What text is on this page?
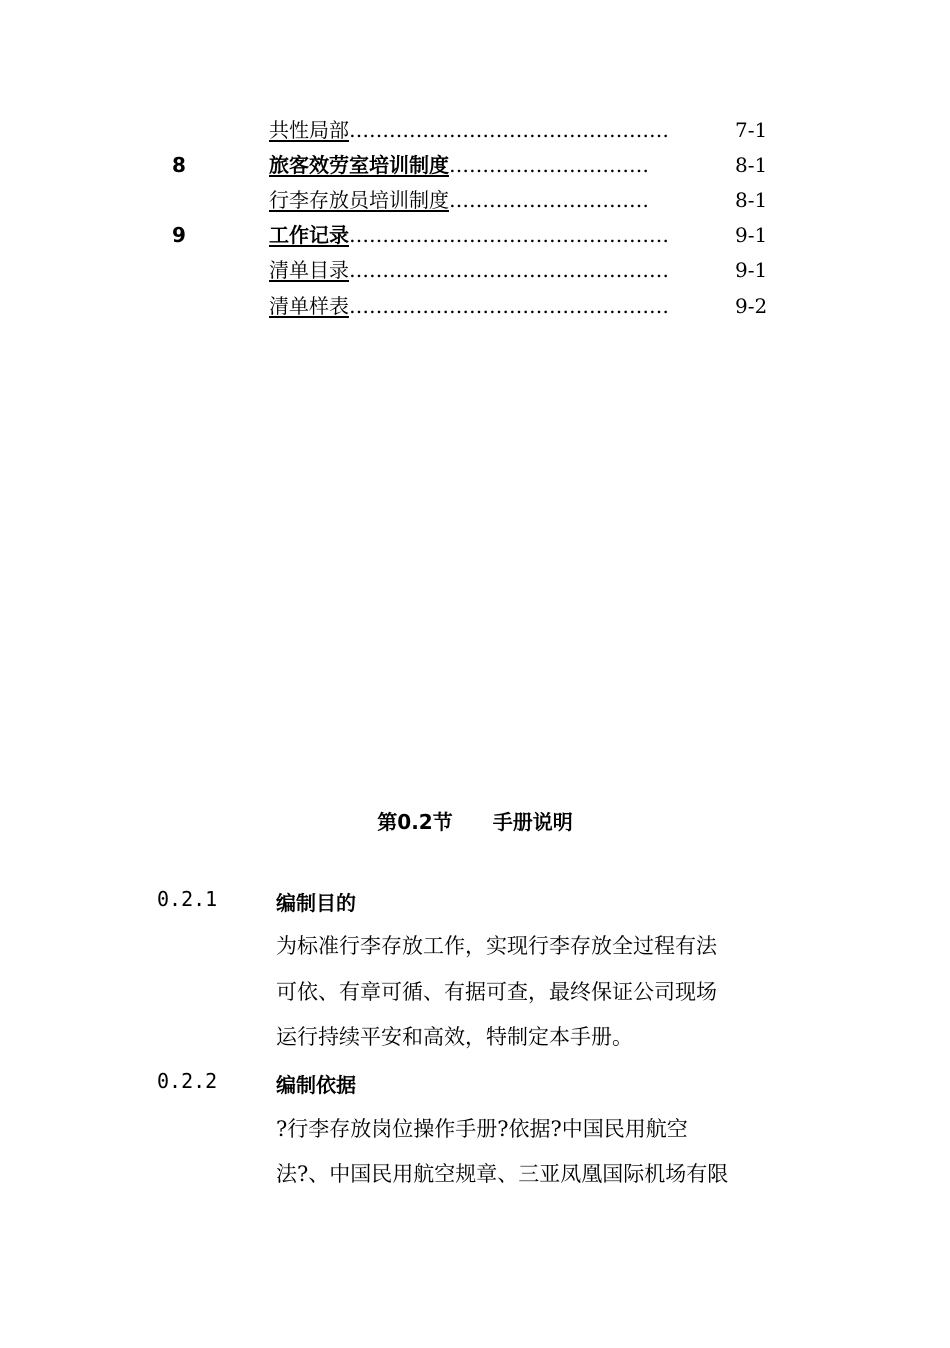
共性局部…………………………………………	7-1
8	旅客效劳室培训制度…………………………	8-1
行李存放员培训制度…………………………	8-1
9	工作记录…………………………………………	9-1
清单目录…………………………………………	9-1
清单样表…………………………………………	9-2
第0.2节 手册说明
0.2.1	编制目的
为标准行李存放工作，实现行李存放全过程有法
可依、有章可循、有据可查，最终保证公司现场
运行持续平安和高效，特制定本手册。
0.2.2	编制依据
?行李存放岗位操作手册?依据?中国民用航空
法?、中国民用航空规章、三亚凤凰国际机场有限
